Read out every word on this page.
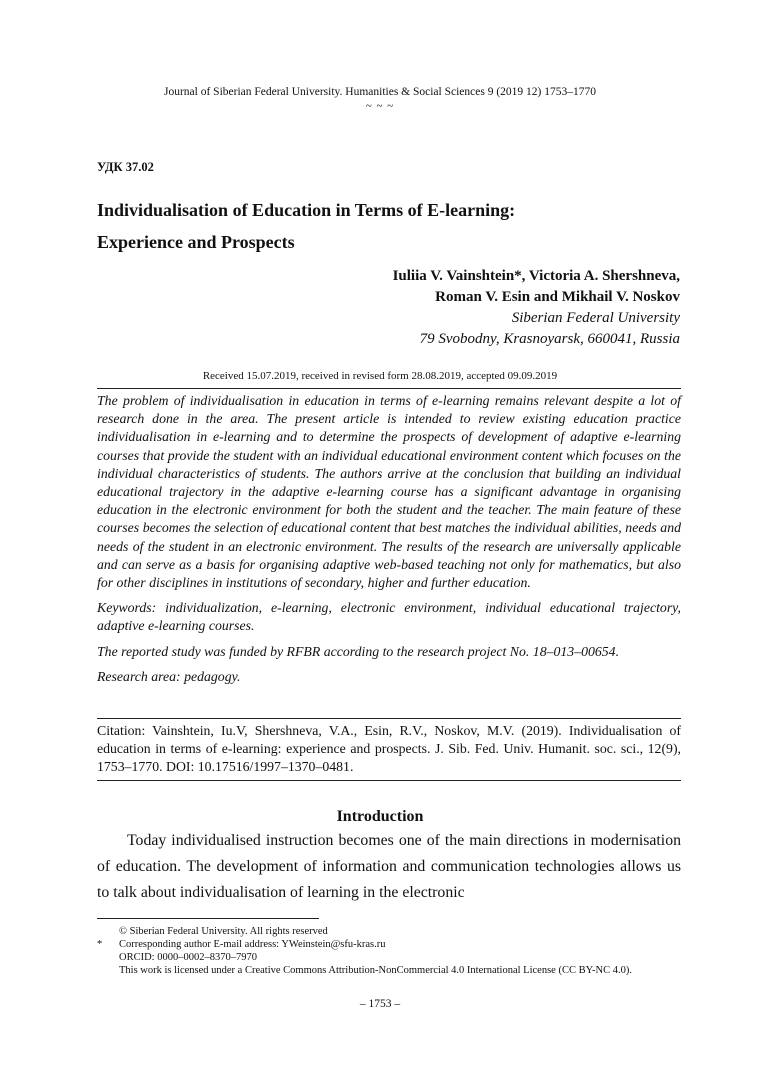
Journal of Siberian Federal University. Humanities & Social Sciences 9 (2019 12) 1753–1770
~ ~ ~
УДК 37.02
Individualisation of Education in Terms of E-learning:
Experience and Prospects
Iuliia V. Vainshtein*, Victoria A. Shershneva,
Roman V. Esin and Mikhail V. Noskov
Siberian Federal University
79 Svobodny, Krasnoyarsk, 660041, Russia
Received 15.07.2019, received in revised form 28.08.2019, accepted 09.09.2019

The problem of individualisation in education in terms of e-learning remains relevant despite a lot of research done in the area. The present article is intended to review existing education practice individualisation in e-learning and to determine the prospects of development of adaptive e-learning courses that provide the student with an individual educational environment content which focuses on the individual characteristics of students. The authors arrive at the conclusion that building an individual educational trajectory in the adaptive e-learning course has a significant advantage in organising education in the electronic environment for both the student and the teacher. The main feature of these courses becomes the selection of educational content that best matches the individual abilities, needs and needs of the student in an electronic environment. The results of the research are universally applicable and can serve as a basis for organising adaptive web-based teaching not only for mathematics, but also for other disciplines in institutions of secondary, higher and further education.

Keywords: individualization, e-learning, electronic environment, individual educational trajectory, adaptive e-learning courses.

The reported study was funded by RFBR according to the research project No. 18–013–00654.

Research area: pedagogy.

Citation: Vainshtein, Iu.V, Shershneva, V.A., Esin, R.V., Noskov, M.V. (2019). Individualisation of education in terms of e-learning: experience and prospects. J. Sib. Fed. Univ. Humanit. soc. sci., 12(9), 1753–1770. DOI: 10.17516/1997–1370–0481.
Introduction
Today individualised instruction becomes one of the main directions in modernisation of education. The development of information and communication technologies allows us to talk about individualisation of learning in the electronic
© Siberian Federal University. All rights reserved
* Corresponding author E-mail address: YWeinstein@sfu-kras.ru
ORCID: 0000–0002–8370–7970
This work is licensed under a Creative Commons Attribution-NonCommercial 4.0 International License (CC BY-NC 4.0).
– 1753 –
